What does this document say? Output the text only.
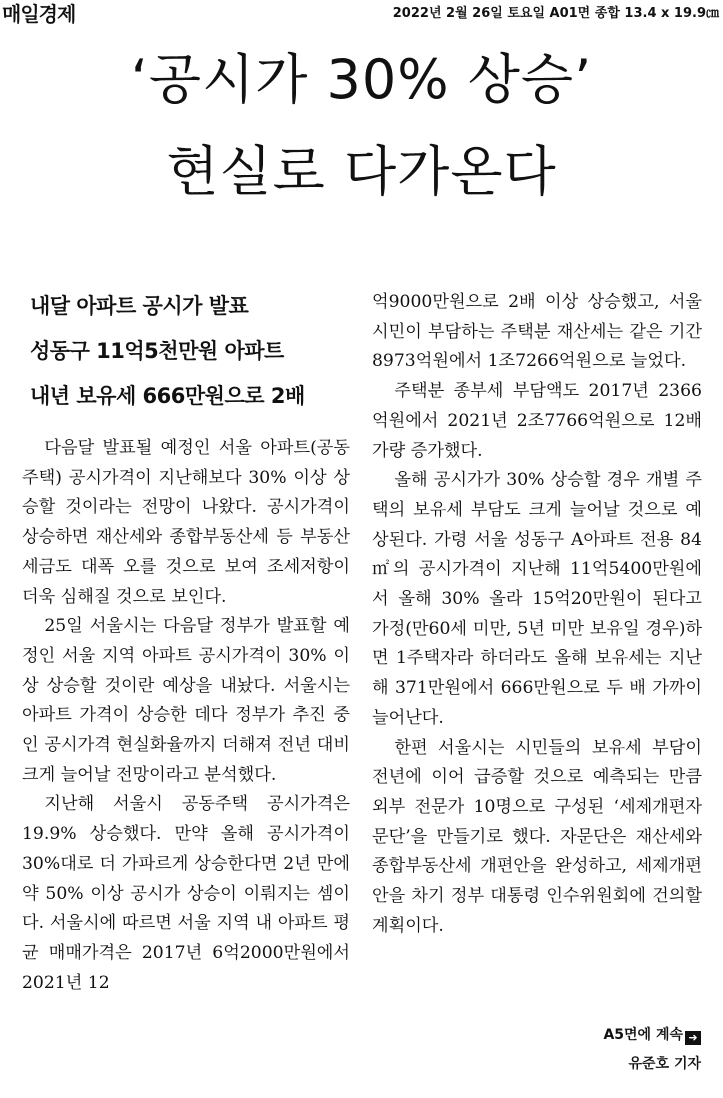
매일경제	2022년 2월 26일 토요일 A01면 종합 13.4 x 19.9㎝
‘공시가 30% 상승’
현실로 다가온다
내달 아파트 공시가 발표
성동구 11억5천만원 아파트
내년 보유세 666만원으로 2배

다음달 발표될 예정인 서울 아파트(공동주택) 공시가격이 지난해보다 30% 이상 상승할 것이라는 전망이 나왔다. 공시가격이 상승하면 재산세와 종합부동산세 등 부동산 세금도 대폭 오를 것으로 보여 조세저항이 더욱 심해질 것으로 보인다.

25일 서울시는 다음달 정부가 발표할 예정인 서울 지역 아파트 공시가격이 30% 이상 상승할 것이란 예상을 내놨다. 서울시는 아파트 가격이 상승한 데다 정부가 추진 중인 공시가격 현실화율까지 더해져 전년 대비 크게 늘어날 전망이라고 분석했다.

지난해 서울시 공동주택 공시가격은 19.9% 상승했다. 만약 올해 공시가격이 30%대로 더 가파르게 상승한다면 2년 만에 약 50% 이상 공시가 상승이 이뤄지는 셈이다. 서울시에 따르면 서울 지역 내 아파트 평균 매매가격은 2017년 6억2000만원에서 2021년 12

억9000만원으로 2배 이상 상승했고, 서울시민이 부담하는 주택분 재산세는 같은 기간 8973억원에서 1조7266억원으로 늘었다.

주택분 종부세 부담액도 2017년 2366억원에서 2021년 2조7766억원으로 12배가량 증가했다.

올해 공시가가 30% 상승할 경우 개별 주택의 보유세 부담도 크게 늘어날 것으로 예상된다. 가령 서울 성동구 A아파트 전용 84㎡의 공시가격이 지난해 11억5400만원에서 올해 30% 올라 15억20만원이 된다고 가정(만60세 미만, 5년 미만 보유일 경우)하면 1주택자라 하더라도 올해 보유세는 지난해 371만원에서 666만원으로 두 배 가까이 늘어난다.

한편 서울시는 시민들의 보유세 부담이 전년에 이어 급증할 것으로 예측되는 만큼 외부 전문가 10명으로 구성된 ‘세제개편자문단’을 만들기로 했다. 자문단은 재산세와 종합부동산세 개편안을 완성하고, 세제개편안을 차기 정부 대통령 인수위원회에 건의할 계획이다.

A5면에 계속 ➜
유준호 기자
